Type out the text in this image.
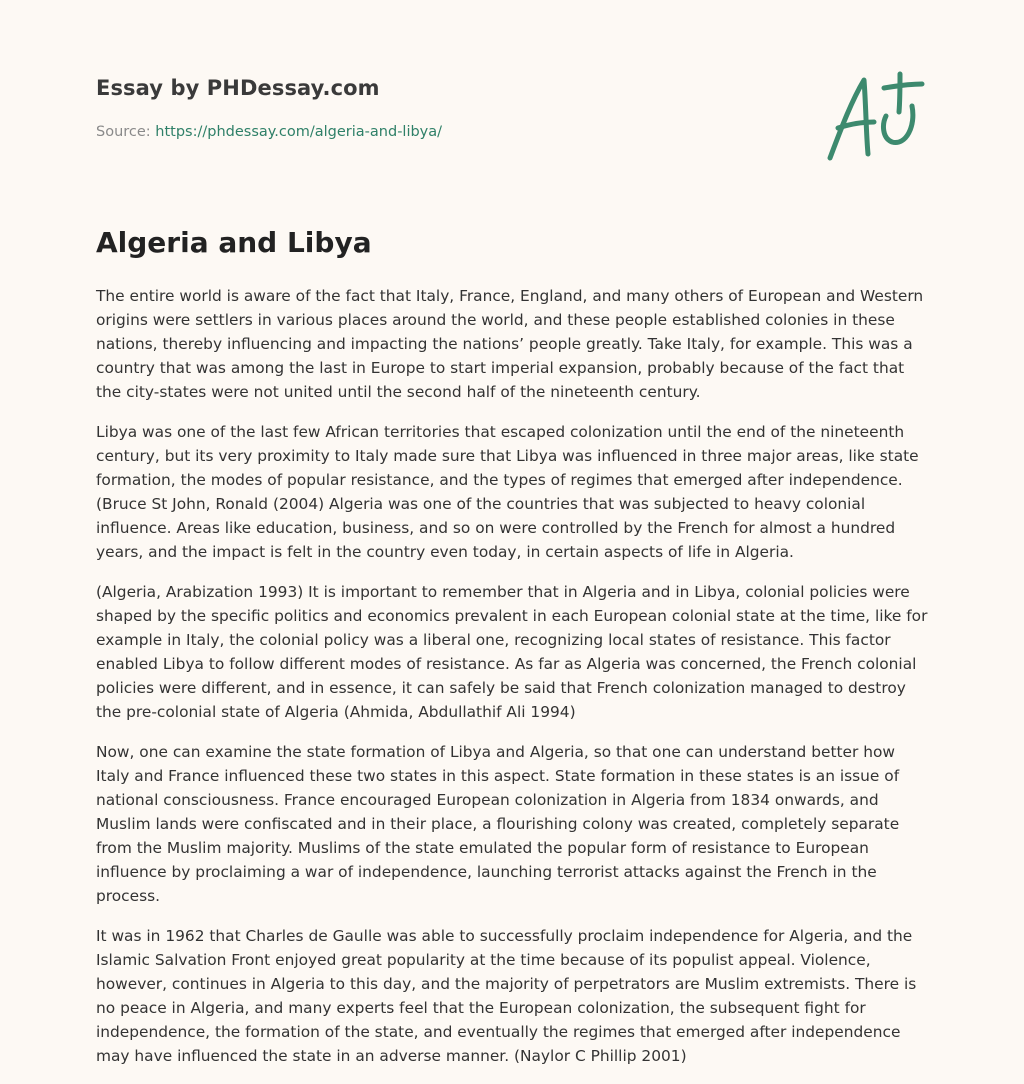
Essay by PHDessay.com
Source: https://phdessay.com/algeria-and-libya/
Algeria and Libya

The entire world is aware of the fact that Italy, France, England, and many others of European and Western origins were settlers in various places around the world, and these people established colonies in these nations, thereby influencing and impacting the nations’ people greatly. Take Italy, for example. This was a country that was among the last in Europe to start imperial expansion, probably because of the fact that the city-states were not united until the second half of the nineteenth century.

Libya was one of the last few African territories that escaped colonization until the end of the nineteenth century, but its very proximity to Italy made sure that Libya was influenced in three major areas, like state formation, the modes of popular resistance, and the types of regimes that emerged after independence. (Bruce St John, Ronald (2004) Algeria was one of the countries that was subjected to heavy colonial influence. Areas like education, business, and so on were controlled by the French for almost a hundred years, and the impact is felt in the country even today, in certain aspects of life in Algeria.

(Algeria, Arabization 1993) It is important to remember that in Algeria and in Libya, colonial policies were shaped by the specific politics and economics prevalent in each European colonial state at the time, like for example in Italy, the colonial policy was a liberal one, recognizing local states of resistance. This factor enabled Libya to follow different modes of resistance. As far as Algeria was concerned, the French colonial policies were different, and in essence, it can safely be said that French colonization managed to destroy the pre-colonial state of Algeria (Ahmida, Abdullathif Ali 1994)

Now, one can examine the state formation of Libya and Algeria, so that one can understand better how Italy and France influenced these two states in this aspect. State formation in these states is an issue of national consciousness. France encouraged European colonization in Algeria from 1834 onwards, and Muslim lands were confiscated and in their place, a flourishing colony was created, completely separate from the Muslim majority. Muslims of the state emulated the popular form of resistance to European influence by proclaiming a war of independence, launching terrorist attacks against the French in the process.

It was in 1962 that Charles de Gaulle was able to successfully proclaim independence for Algeria, and the Islamic Salvation Front enjoyed great popularity at the time because of its populist appeal. Violence, however, continues in Algeria to this day, and the majority of perpetrators are Muslim extremists. There is no peace in Algeria, and many experts feel that the European colonization, the subsequent fight for independence, the formation of the state, and eventually the regimes that emerged after independence may have influenced the state in an adverse manner. (Naylor C Phillip 2001)
